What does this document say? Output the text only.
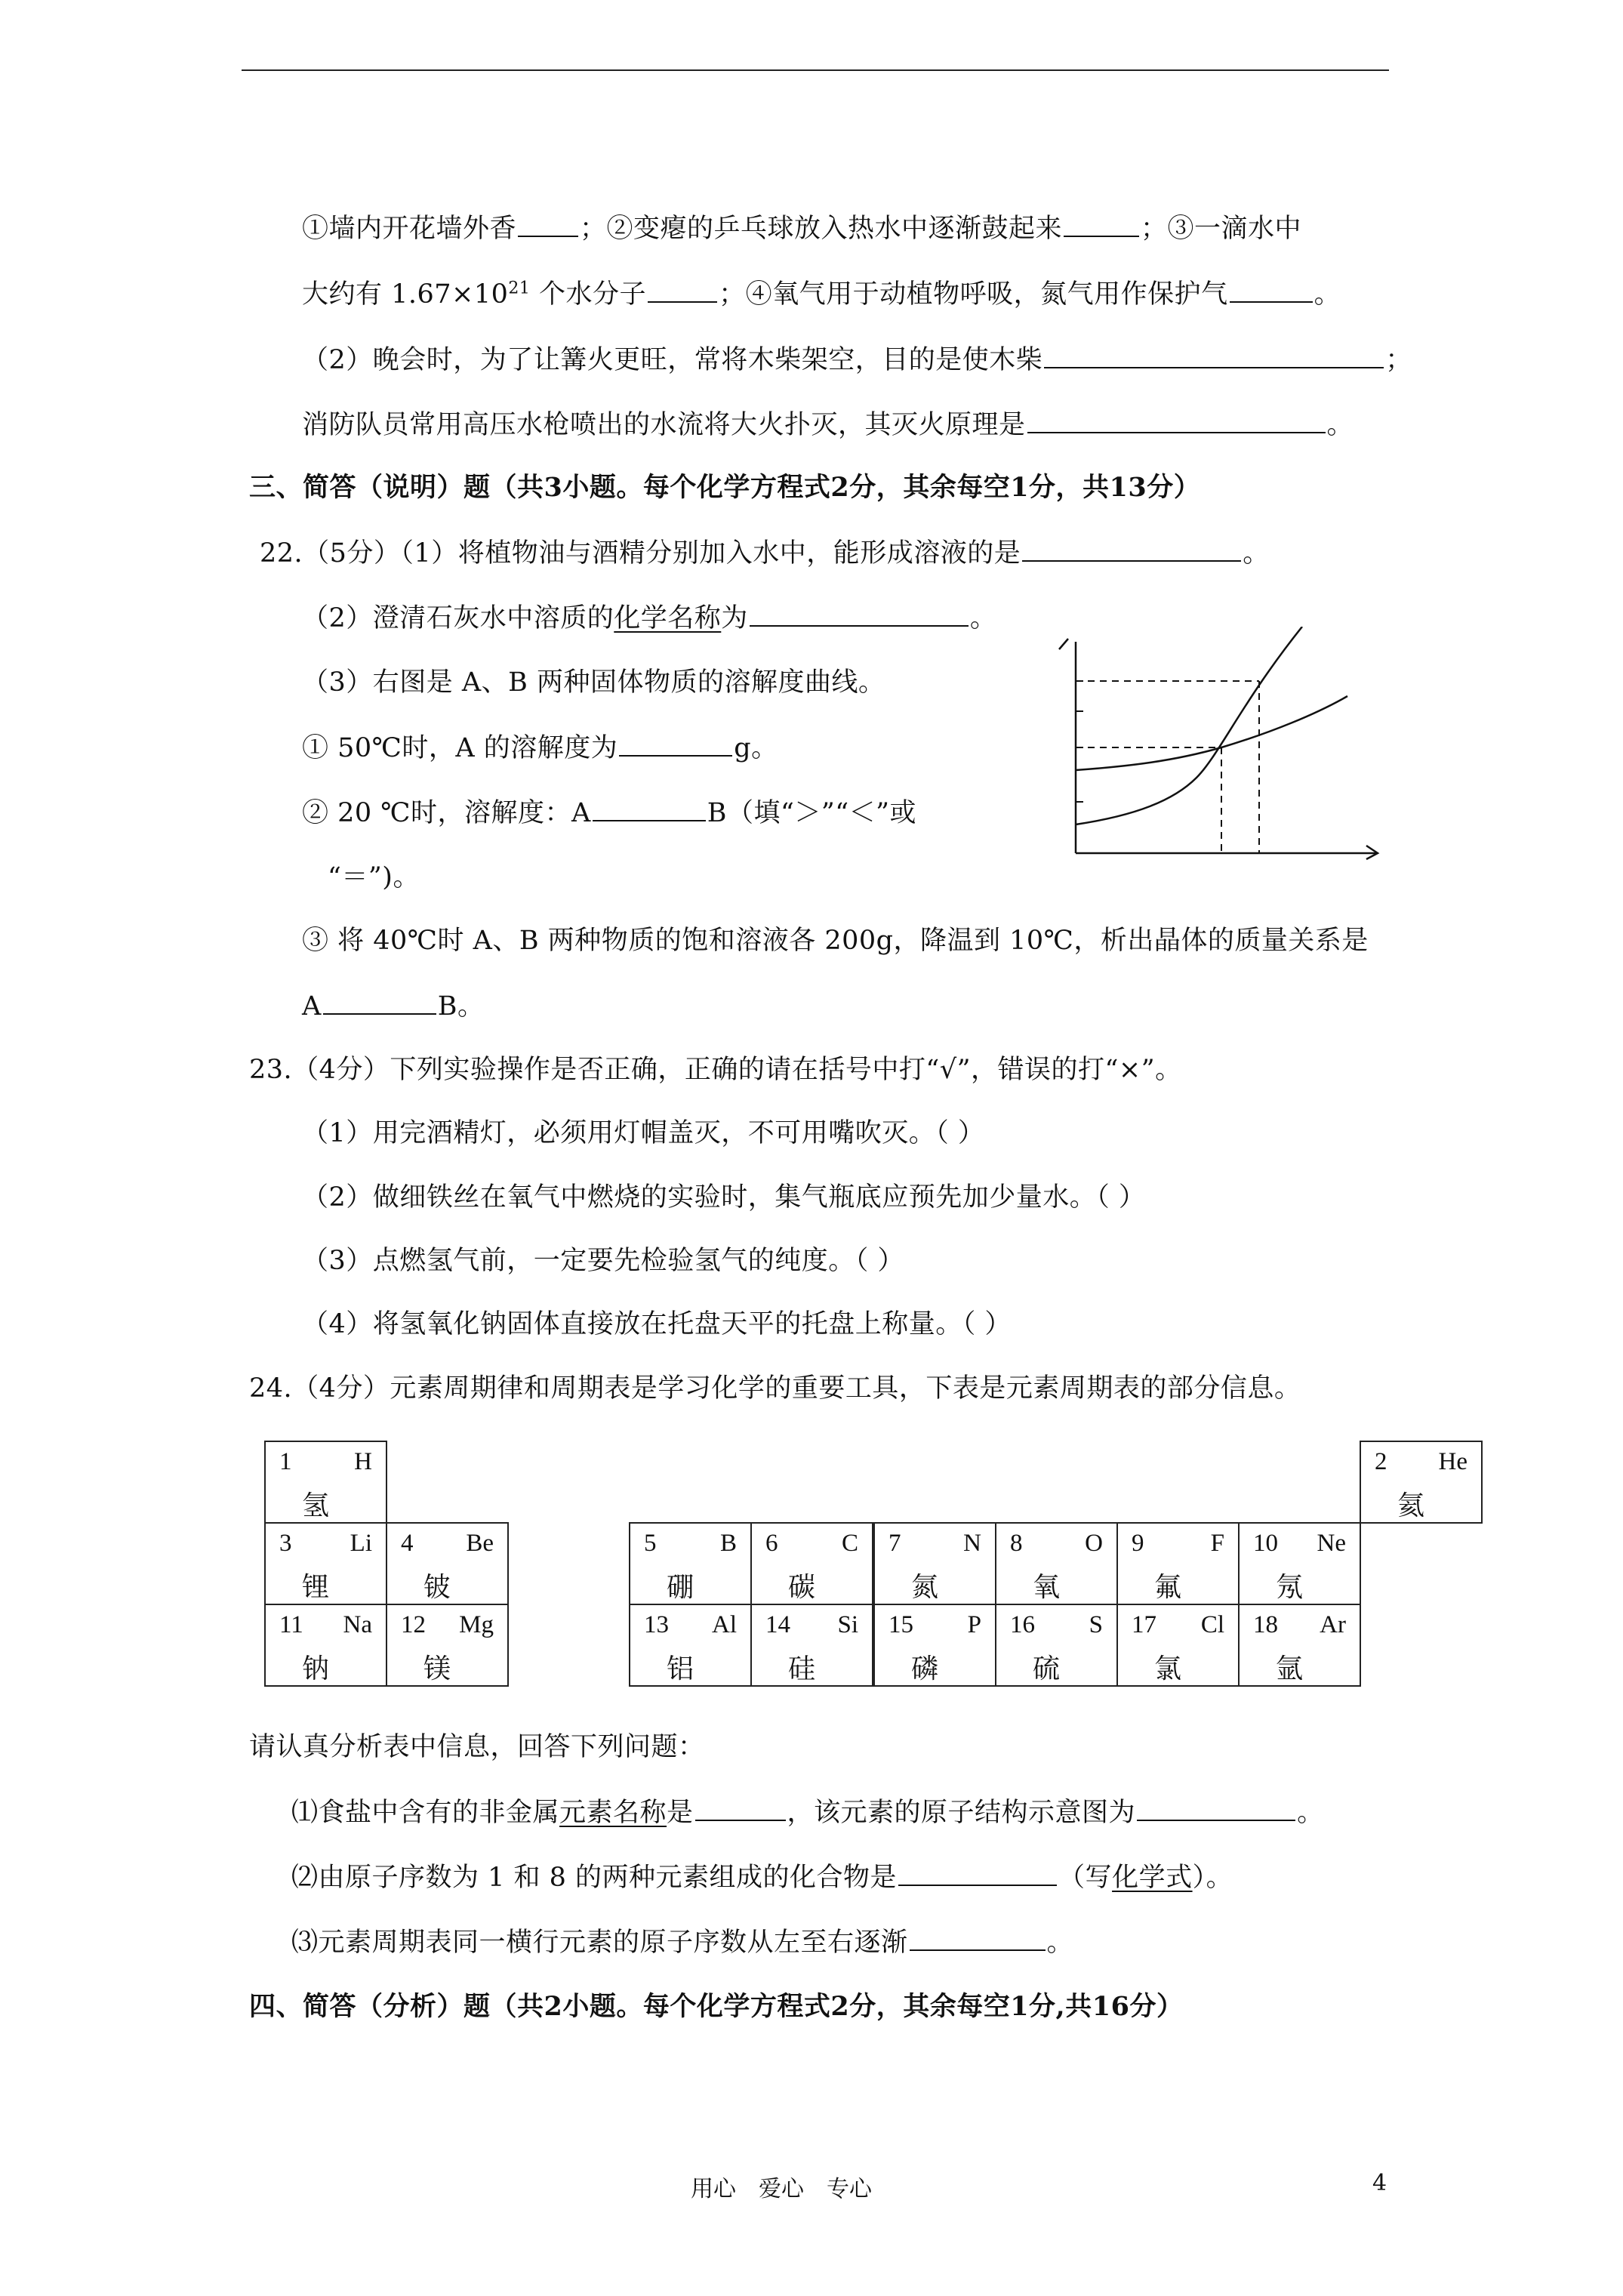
①墙内开花墙外香 ；②变瘪的乒乓球放入热水中逐渐鼓起来	；③一滴水中
大约有 $1.67\times 10^{21}$ 个水分子	；④氧气用于动植物呼吸，氮气用作保护气	。
（2）晚会时，为了让篝火更旺，常将木柴架空，目的是使木柴	；
消防队员常用高压水枪喷出的水流将大火扑灭，其灭火原理是	。
三、简答（说明）题（共3小题。每个化学方程式2分，其余每空1分，共13分）
22.（5分）（1）将植物油与酒精分别加入水中，能形成溶液的是	。
（2）澄清石灰水中溶质的化学名称为	。
（3）右图是 A、B 两种固体物质的溶解度曲线。
① 50℃时，A 的溶解度为	g。
② 20 ℃时，溶解度：A	B（填“＞”“＜”或
“＝”)。
③ 将 40℃时 A、B 两种物质的饱和溶液各 200g，降温到 10℃，析出晶体的质量关系是
A	B。
23.（4分）下列实验操作是否正确，正确的请在括号中打“√”，错误的打“×”。
（1）用完酒精灯，必须用灯帽盖灭，不可用嘴吹灭。（ ）
（2）做细铁丝在氧气中燃烧的实验时，集气瓶底应预先加少量水。（ ）
（3）点燃氢气前，一定要先检验氢气的纯度。（ ）
（4）将氢氧化钠固体直接放在托盘天平的托盘上称量。（ ）
24.（4分）元素周期律和周期表是学习化学的重要工具，下表是元素周期表的部分信息。
1 H
氢									2 He
氦

3 Li
锂	4 Be
铍		5 B
硼	6 C
碳	7 N
氮	8 O
氧	9 F
氟	10 Ne
氖	

11 Na
钠	12 Mg
镁		13 Al
铝	14 Si
硅	15 P
磷	16 S
硫	17 Cl
氯	18 Ar
氩	
请认真分析表中信息，回答下列问题：
⑴食盐中含有的非金属元素名称是	，该元素的原子结构示意图为	。
⑵由原子序数为 1 和 8 的两种元素组成的化合物是	（写化学式）。
⑶元素周期表同一横行元素的原子序数从左至右逐渐	。
四、简答（分析）题（共2小题。每个化学方程式2分，其余每空1分,共16分）
用心　爱心　专心	4
